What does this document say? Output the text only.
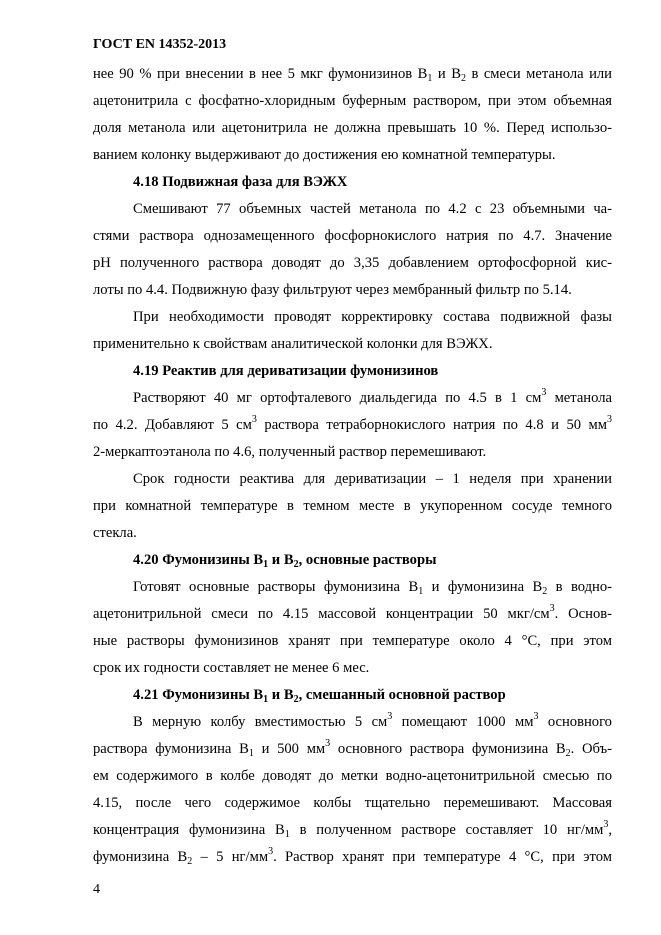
ГОСТ EN 14352-2013
нее 90 % при внесении в нее 5 мкг фумонизинов $B_1$ и $B_2$ в смеси метанола или
ацетонитрила с фосфатно-хлоридным буферным раствором, при этом объемная
доля метанола или ацетонитрила не должна превышать 10 %. Перед использо-
ванием колонку выдерживают до достижения ею комнатной температуры.
4.18 Подвижная фаза для ВЭЖХ
Смешивают 77 объемных частей метанола по 4.2 с 23 объемными ча-
стями раствора однозамещенного фосфорнокислого натрия по 4.7. Значение
pH полученного раствора доводят до 3,35 добавлением ортофосфорной кис-
лоты по 4.4. Подвижную фазу фильтруют через мембранный фильтр по 5.14.
При необходимости проводят корректировку состава подвижной фазы
применительно к свойствам аналитической колонки для ВЭЖХ.
4.19 Реактив для дериватизации фумонизинов
Растворяют 40 мг ортофталевого диальдегида по 4.5 в 1 $см^3$ метанола
по 4.2. Добавляют 5 $см^3$ раствора тетраборнокислого натрия по 4.8 и 50 $мм^3$
2-меркаптоэтанола по 4.6, полученный раствор перемешивают.
Срок годности реактива для дериватизации – 1 неделя при хранении
при комнатной температуре в темном месте в укупоренном сосуде темного
стекла.
4.20 Фумонизины $B_1$ и $B_2$, основные растворы
Готовят основные растворы фумонизина $B_1$ и фумонизина $B_2$ в водно-
ацетонитрильной смеси по 4.15 массовой концентрации 50 мкг/$см^3$. Основ-
ные растворы фумонизинов хранят при температуре около 4 °С, при этом
срок их годности составляет не менее 6 мес.
4.21 Фумонизины $B_1$ и $B_2$, смешанный основной раствор
В мерную колбу вместимостью 5 $см^3$ помещают 1000 $мм^3$ основного
раствора фумонизина $B_1$ и 500 $мм^3$ основного раствора фумонизина $B_2$. Объ-
ем содержимого в колбе доводят до метки водно-ацетонитрильной смесью по
4.15, после чего содержимое колбы тщательно перемешивают. Массовая
концентрация фумонизина $B_1$ в полученном растворе составляет 10 $нг/мм^3$,
фумонизина $B_2 - 5$ $нг/мм^3$. Раствор хранят при температуре 4 °С, при этом
4
